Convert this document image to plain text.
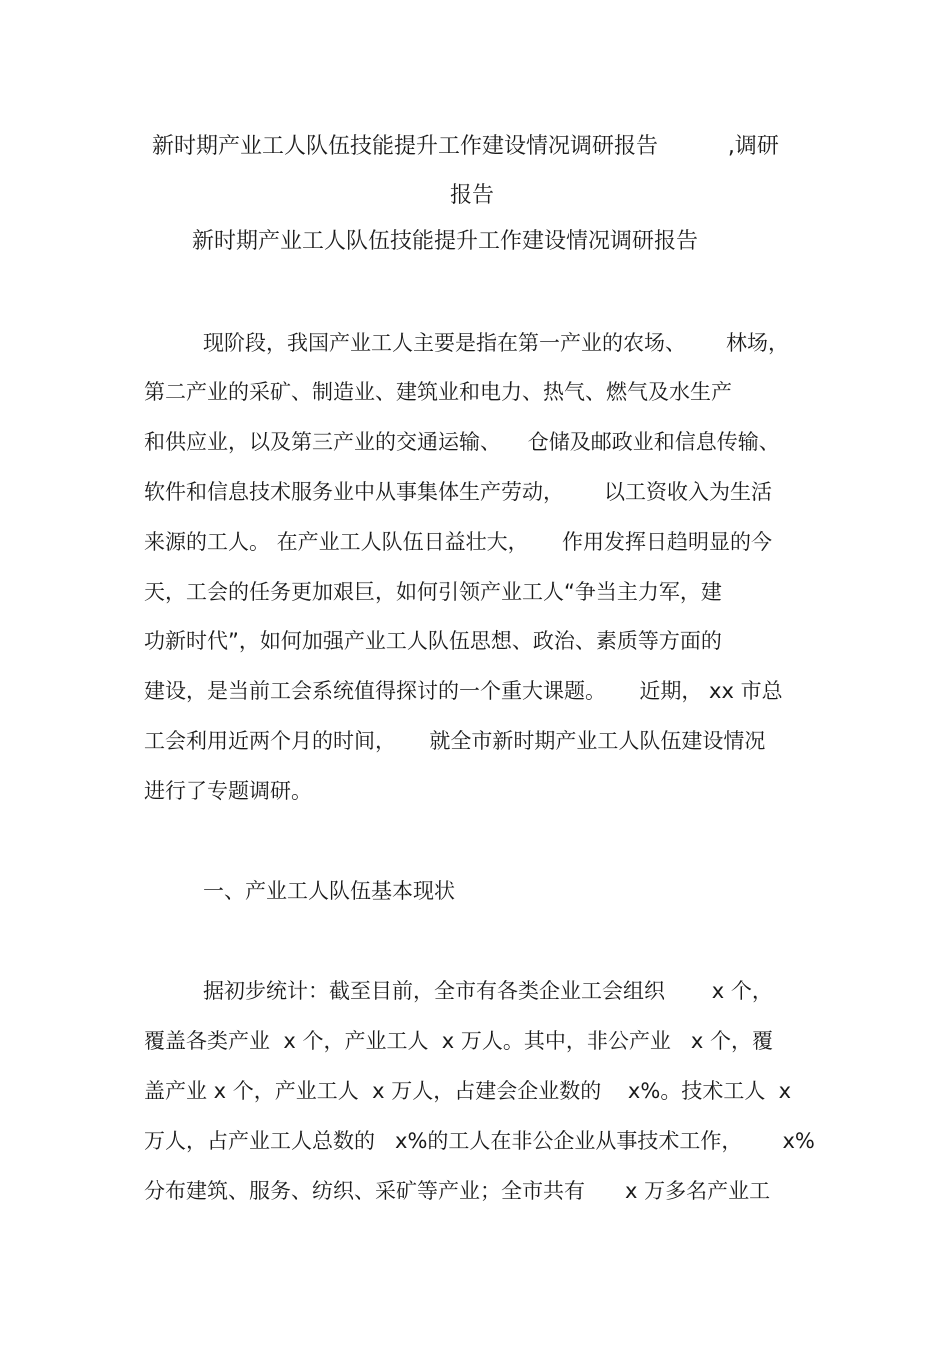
新时期产业工人队伍技能提升工作建设情况调研报告          ,调研
报告
新时期产业工人队伍技能提升工作建设情况调研报告
现阶段，我国产业工人主要是指在第一产业的农场、      林场，
第二产业的采矿、制造业、建筑业和电力、热气、燃气及水生产
和供应业，以及第三产业的交通运输、    仓储及邮政业和信息传输、
软件和信息技术服务业中从事集体生产劳动，      以工资收入为生活
来源的工人。 在产业工人队伍日益壮大，     作用发挥日趋明显的今
天，工会的任务更加艰巨，如何引领产业工人“争当主力军，建
功新时代”，如何加强产业工人队伍思想、政治、素质等方面的
建设，是当前工会系统值得探讨的一个重大课题。     近期， xx 市总
工会利用近两个月的时间，     就全市新时期产业工人队伍建设情况
进行了专题调研。
一、产业工人队伍基本现状
据初步统计：截至目前，全市有各类企业工会组织       x 个，
覆盖各类产业  x 个，产业工人  x 万人。其中，非公产业   x 个，覆
盖产业 x 个，产业工人  x 万人，占建会企业数的    x%。技术工人  x
万人，占产业工人总数的   x%的工人在非公企业从事技术工作，      x%
分布建筑、服务、纺织、采矿等产业；全市共有      x 万多名产业工
